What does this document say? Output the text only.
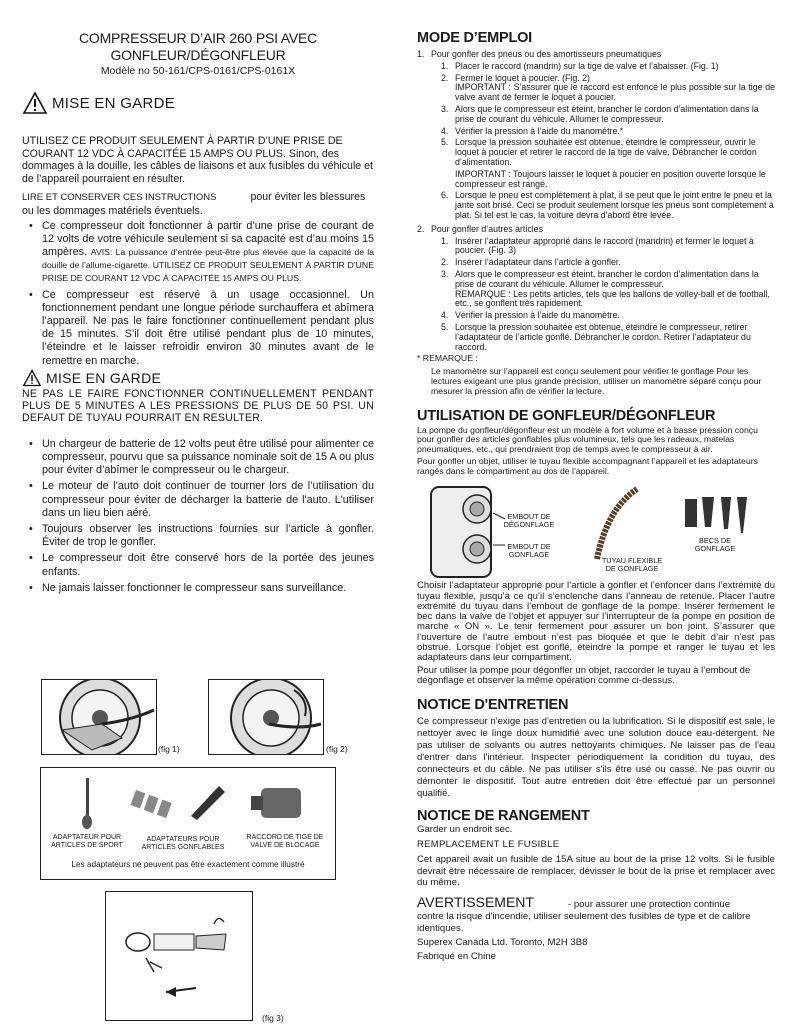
COMPRESSEUR D’AIR 260 PSI AVEC
GONFLEUR/DÉGONFLEUR
Modèle no 50-161/CPS-0161/CPS-0161X
MISE EN GARDE

UTILISEZ CE PRODUIT SEULEMENT À PARTIR D’UNE PRISE DE COURANT 12 VDC À CAPACITÉE 15 AMPS OU PLUS. Sinon, des dommages à la douille, les câbles de liaisons et aux fusibles du véhicule et de l’appareil pourraient en résulter.

LIRE ET CONSERVER CES INSTRUCTIONS	pour éviter les blessures ou les dommages matériels éventuels.

• Ce compresseur doit fonctionner à partir d’une prise de courant de 12 volts de votre véhicule seulement si sa capacité est d’au moins 15 ampères. AVIS: La puissance d’entrée peut-être plus élevée que la capacité de la douille de l’allume-cigarette. UTILISEZ CE PRODUIT SEULEMENT À PARTIR D’UNE PRISE DE COURANT 12 VDC À CAPACITÉE 15 AMPS OU PLUS.
• Ce compresseur est réservé à un usage occasionnel. Un fonctionnement pendant une longue période surchauffera et abîmera l’appareil. Ne pas le faire fonctionner continuellement pendant plus de 15 minutes. S’il doit être utilisé pendant plus de 10 minutes, l’éteindre et le laisser refroidir environ 30 minutes avant de le remettre en marche.
MISE EN GARDE

NE PAS LE FAIRE FONCTIONNER CONTINUELLEMENT PENDANT PLUS DE 5 MINUTES A LES PRESSIONS DE PLUS DE 50 PSI. UN DEFAUT DE TUYAU POURRAIT EN RESULTER.

• Un chargeur de batterie de 12 volts peut être utilisé pour alimenter ce compresseur, pourvu que sa puissance nominale soit de 15 A ou plus pour éviter d’abîmer le compresseur ou le chargeur.
• Le moteur de l’auto doit continuer de tourner lors de l’utilisation du compresseur pour éviter de décharger la batterie de l'auto. L'utiliser dans un lieu bien aéré.
• Toujours observer les instructions fournies sur l’article à gonfler. Éviter de trop le gonfler.
• Le compresseur doit être conservé hors de la portée des jeunes enfants.
• Ne jamais laisser fonctionner le compresseur sans surveillance.
(fig 1)	(fig 2)
ADAPTATEUR POUR ARTICLES DE SPORT
ADAPTATEURS POUR ARTICLES GONFLABLES
RACCORD DE TIGE DE VALVE DE BLOCAGE
Les adaptateurs ne peuvent pas être exactement comme illustré
(fig 3)
MODE D’EMPLOI
1. Pour gonfler des pneus ou des amortisseurs pneumatiques
1. Placer le raccord (mandrin) sur la tige de valve et l’abaisser. (Fig. 1)
2. Fermer le loquet à poucier. (Fig. 2)
IMPORTANT : S’assurer que le raccord est enfoncé le plus possible sur la tige de valve avant de fermer le loquet à poucier.
3. Alors que le compresseur est éteint, brancher le cordon d’alimentation dans la prise de courant du véhicule. Allumer le compresseur.
4. Vérifier la pression à l’aide du manomètre.*
5. Lorsque la pression souhaitée est obtenue, éteindre le compresseur, ouvrir le loquet à poucier et retirer le raccord de la tige de valve. Débrancher le cordon d’alimentation.
IMPORTANT : Toujours laisser le loquet à poucier en position ouverte lorsque le compresseur est rangé.
6. Lorsque le pneu est complètement à plat, il se peut que le joint entre le pneu et la jante soit brisé. Ceci se produit seulement lorsque les pneus sont complètement à plat. Si tel est le cas, la voiture devra d’abord être levée.
2. Pour gonfler d’autres articles
1. Insérer l’adaptateur approprié dans le raccord (mandrin) et fermer le loquet à poucier. (Fig. 3)
2. Insérer l’adaptateur dans l’article à gonfler.
3. Alors que le compresseur est éteint, brancher le cordon d’alimentation dans la prise de courant du véhicule. Allumer le compresseur.
REMARQUE : Les petits articles, tels que les ballons de volley-ball et de football, etc., se gonflent très rapidement.
4. Vérifier la pression à l’aide du manomètre.
5. Lorsque la pression souhaitée est obtenue, éteindre le compresseur, retirer l’adaptateur de l’article gonflé. Débrancher le cordon. Retirer l’adaptateur du raccord.
* REMARQUE :
Le manomètre sur l’appareil est conçu seulement pour vérifier le gonflage Pour les lectures exigeant une plus grande précision, utiliser un manomètre séparé conçu pour mesurer la pression afin de vérifier la lecture.
UTILISATION DE GONFLEUR/DÉGONFLEUR

La pompe du gonfleur/dégonfleur est un modèle à fort volume et à basse pression conçu pour gonfler des articles gonflables plus volumineux, tels que les radeaux, matelas pneumatiques, etc., qui prendraient trop de temps avec le compresseur à air.

Pour gonfler un objet, utiliser le tuyau flexible accompagnant l’appareil et les adaptateurs rangés dans le compartiment au dos de l’appareil.

EMBOUT DE DÉGONFLAGE
EMBOUT DE GONFLAGE
TUYAU FLEXIBLE DE GONFLAGE
BECS DE GONFLAGE

Choisir l’adaptateur approprié pour l’article à gonfler et l’enfoncer dans l’extrémité du tuyau flexible, jusqu’à ce qu’il s’enclenche dans l’anneau de retenue. Placer l’autre extrémité du tuyau dans l’embout de gonflage de la pompe. Insérer fermement le bec dans la valve de l’objet et appuyer sur l’interrupteur de la pompe en position de marche « ON ». Le tenir fermement pour assurer un bon joint. S’assurer que l’ouverture de l’autre embout n’est pas bloquée et que le débit d’air n’est pas obstrué. Lorsque l’objet est gonflé, éteindre la pompe et ranger le tuyau et les adaptateurs dans leur compartiment.

Pour utiliser la pompe pour dégonfler un objet, raccorder le tuyau à l’embout de dégonflage et observer la même opération comme ci-dessus.

NOTICE D'ENTRETIEN

Ce compresseur n'exige pas d'entretien ou la lubrification. Si le dispositif est sale, le nettoyer avec le linge doux humidifié avec une solution douce eau-détergent. Ne pas utiliser de solvants ou autres nettoyants chimiques. Ne laisser pas de l'eau d'entrer dans l'intérieur. Inspecter périodiquement la condition du tuyau, des connecteurs et du câble. Ne pas utiliser s'ils être usé ou cassé. Ne pas ouvrir ou démonter le dispositif. Tout autre entretien doit être effectué par un personnel qualifié.

NOTICE DE RANGEMENT

Garder un endroit sec.

REMPLACEMENT LE FUSIBLE

Cet appareil avait un fusible de 15A situe au bout de la prise 12 volts. Si le fusible devrait être nécessaire de remplacer, dévisser le bout de la prise et remplacer avec du même.

AVERTISSEMENT	- pour assurer une protection continue

contre la risque d'incendie, utiliser seulement des fusibles de type et de calibre identiques.

Superex Canada Ltd. Toronto, M2H 3B8

Fabriqué en Chine
